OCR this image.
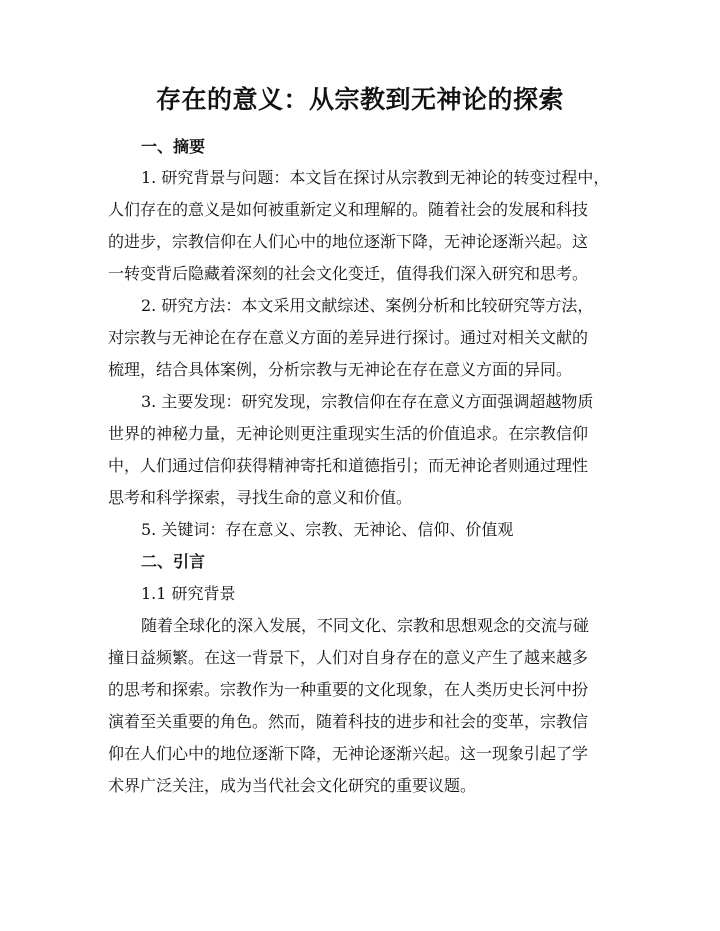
存在的意义：从宗教到无神论的探索

一、摘要

1. 研究背景与问题：本文旨在探讨从宗教到无神论的转变过程中，

人们存在的意义是如何被重新定义和理解的。随着社会的发展和科技

的进步，宗教信仰在人们心中的地位逐渐下降，无神论逐渐兴起。这

一转变背后隐藏着深刻的社会文化变迁，值得我们深入研究和思考。

2. 研究方法：本文采用文献综述、案例分析和比较研究等方法，

对宗教与无神论在存在意义方面的差异进行探讨。通过对相关文献的

梳理，结合具体案例，分析宗教与无神论在存在意义方面的异同。

3. 主要发现：研究发现，宗教信仰在存在意义方面强调超越物质

世界的神秘力量，无神论则更注重现实生活的价值追求。在宗教信仰

中，人们通过信仰获得精神寄托和道德指引；而无神论者则通过理性

思考和科学探索，寻找生命的意义和价值。

5. 关键词：存在意义、宗教、无神论、信仰、价值观

二、引言

1.1 研究背景

随着全球化的深入发展，不同文化、宗教和思想观念的交流与碰

撞日益频繁。在这一背景下，人们对自身存在的意义产生了越来越多

的思考和探索。宗教作为一种重要的文化现象，在人类历史长河中扮

演着至关重要的角色。然而，随着科技的进步和社会的变革，宗教信

仰在人们心中的地位逐渐下降，无神论逐渐兴起。这一现象引起了学

术界广泛关注，成为当代社会文化研究的重要议题。
